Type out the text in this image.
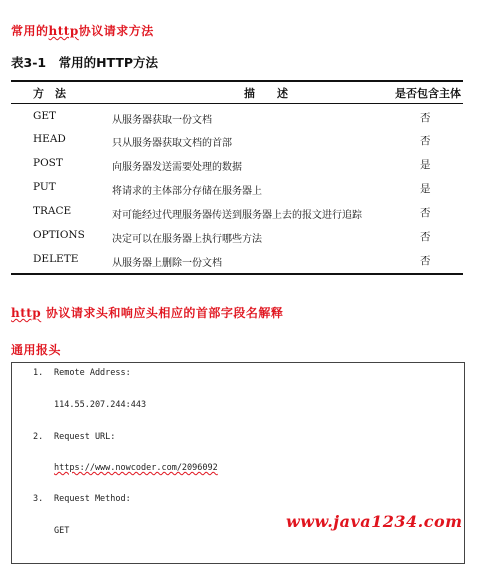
常用的http协议请求方法
表3-1　常用的HTTP方法
方　法	描　　述	是否包含主体
GET	从服务器获取一份文档	否
HEAD	只从服务器获取文档的首部	否
POST	向服务器发送需要处理的数据	是
PUT	将请求的主体部分存储在服务器上	是
TRACE	对可能经过代理服务器传送到服务器上去的报文进行追踪	否
OPTIONS	决定可以在服务器上执行哪些方法	否
DELETE	从服务器上删除一份文档	否
http 协议请求头和响应头相应的首部字段名解释
通用报头
1. Remote Address:
114.55.207.244:443
2. Request URL:
https://www.nowcoder.com/2096092
3. Request Method:
GET	www.java1234.com
